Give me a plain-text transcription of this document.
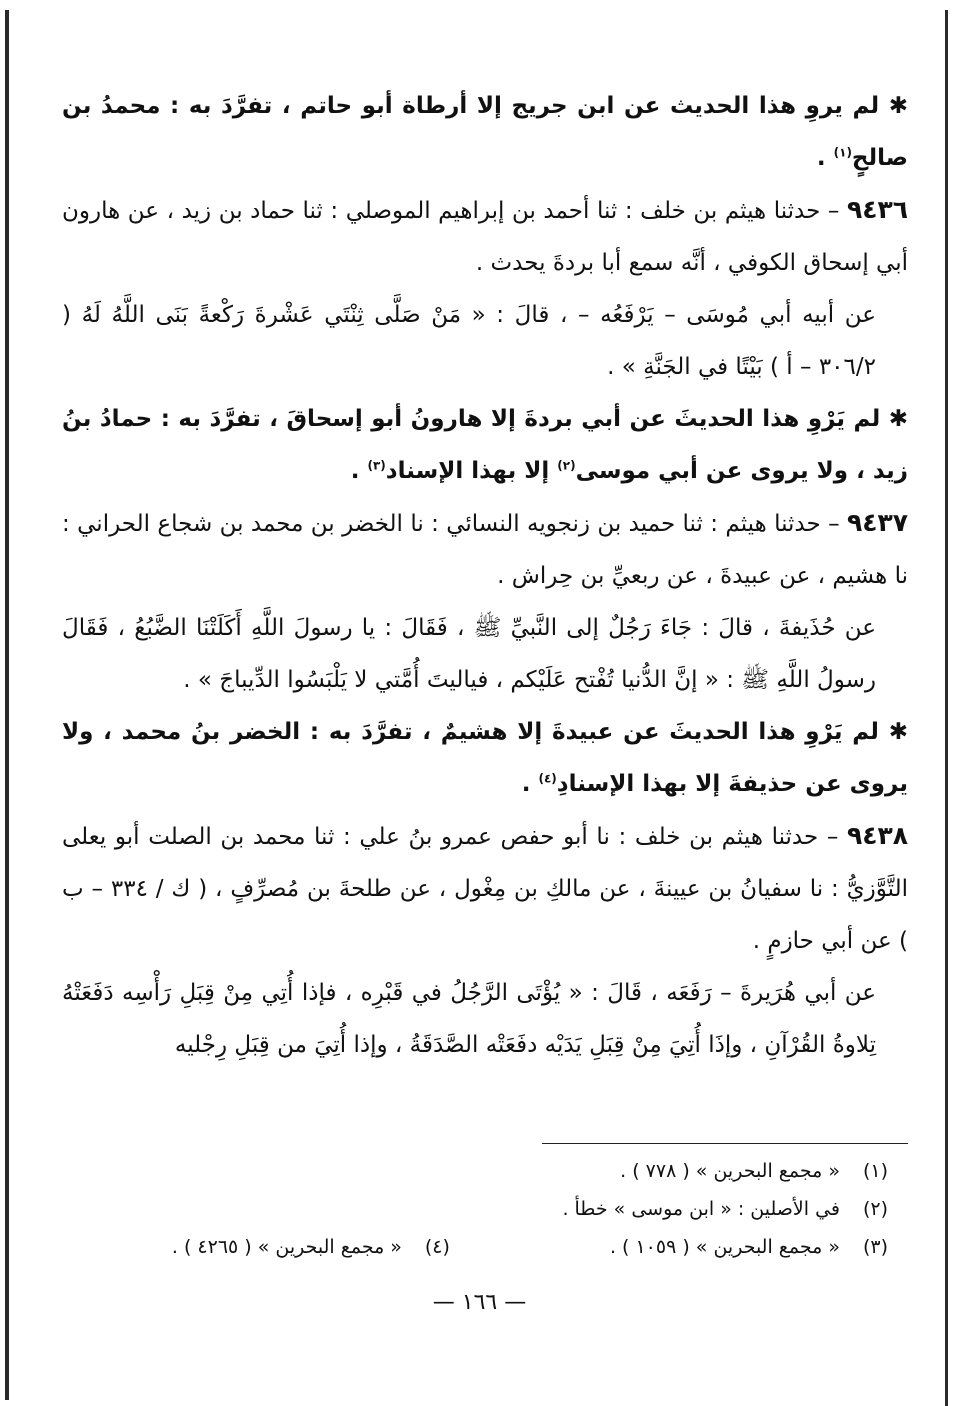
✱ لم يروِ هذا الحديث عن ابن جريج إلا أرطاة أبو حاتم ، تفرَّدَ به : محمدُ بن صالحٍ$^{(١)}$ .

٩٤٣٦ – حدثنا هيثم بن خلف : ثنا أحمد بن إبراهيم الموصلي : ثنا حماد بن زيد ، عن هارون أبي إسحاق الكوفي ، أنَّه سمع أبا بردةَ يحدث .

عن أبيه أبي مُوسَى – يَرْفَعُه – ، قالَ : « مَنْ صَلَّى ثِنْتَي عَشْرةَ رَكْعةً بَنَى اللَّهُ لَهُ ( ٣٠٦/٢ – أ ) بَيْتًا في الجَنَّةِ » .

✱ لم يَرْوِ هذا الحديثَ عن أبي بردةَ إلا هارونُ أبو إسحاقَ ، تفرَّدَ به : حمادُ بنُ زيد ، ولا يروى عن أبي موسى$^{(٢)}$ إلا بهذا الإسناد$^{(٣)}$ .

٩٤٣٧ – حدثنا هيثم : ثنا حميد بن زنجويه النسائي : نا الخضر بن محمد بن شجاع الحراني : نا هشيم ، عن عبيدةَ ، عن ربعيِّ بن حِراش .

عن حُذَيفةَ ، قالَ : جَاءَ رَجُلٌ إلى النَّبيِّ ﷺ ، فَقَالَ : يا رسولَ اللَّهِ أَكَلَتْنَا الضَّبُعُ ، فَقَالَ رسولُ اللَّهِ ﷺ : « إنَّ الدُّنيا تُفْتح عَلَيْكم ، فياليتَ أُمَّتي لا يَلْبَسُوا الدِّيباجَ » .

✱ لم يَرْوِ هذا الحديثَ عن عبيدةَ إلا هشيمٌ ، تفرَّدَ به : الخضر بنُ محمد ، ولا يروى عن حذيفةَ إلا بهذا الإسنادِ$^{(٤)}$ .

٩٤٣٨ – حدثنا هيثم بن خلف : نا أبو حفص عمرو بنُ علي : ثنا محمد بن الصلت أبو يعلى التَّوَّزيُّ : نا سفيانُ بن عيينةَ ، عن مالكِ بن مِغْول ، عن طلحةَ بن مُصرِّفٍ ، ( ك / ٣٣٤ – ب ) عن أبي حازمٍ .

عن أبي هُرَيرةَ – رَفَعَه ، قَالَ : « يُؤْتَى الرَّجُلُ في قَبْرِه ، فإذا أُتِي مِنْ قِبَلِ رَأْسِه دَفَعَتْهُ تِلاوةُ القُرْآنِ ، وإذَا أُتِيَ مِنْ قِبَلِ يَدَيْه دفَعَتْه الصَّدَقَةُ ، وإذا أُتِيَ من قِبَلِ رِجْليه

(١)
« مجمع البحرين » ( ٧٧٨ ) .
(٢)
في الأصلين : « ابن موسى » خطأ .
(٣)
« مجمع البحرين » ( ١٠٥٩ ) .
(٤)
« مجمع البحرين » ( ٤٢٦٥ ) .
— ١٦٦ —
